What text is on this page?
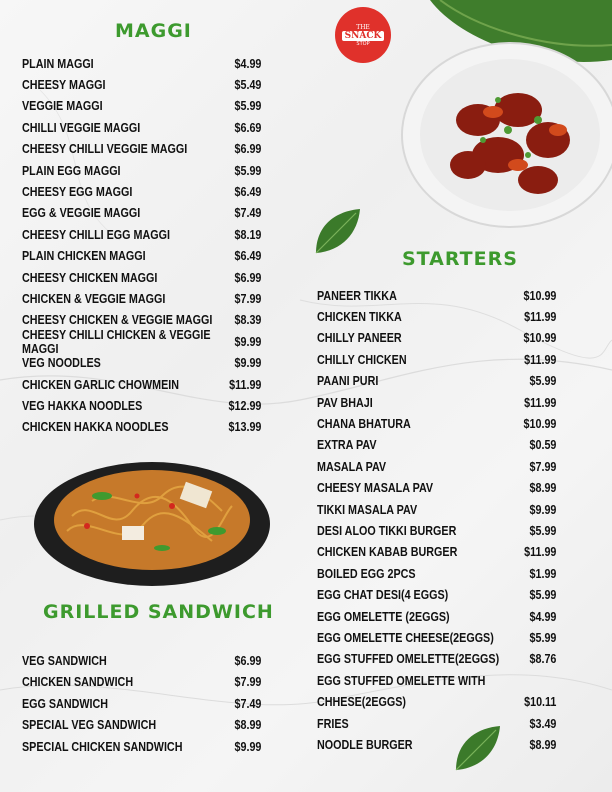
THE
SNACK
STOP
MAGGI
GRILLED SANDWICH
STARTERS
PLAIN MAGGI	$4.99
CHEESY MAGGI	$5.49
VEGGIE MAGGI	$5.99
CHILLI VEGGIE MAGGI	$6.69
CHEESY CHILLI VEGGIE MAGGI	$6.99
PLAIN EGG MAGGI	$5.99
CHEESY EGG MAGGI	$6.49
EGG & VEGGIE MAGGI	$7.49
CHEESY CHILLI EGG MAGGI	$8.19
PLAIN CHICKEN MAGGI	$6.49
CHEESY CHICKEN MAGGI	$6.99
CHICKEN & VEGGIE MAGGI	$7.99
CHEESY CHICKEN & VEGGIE MAGGI $8.39
CHEESY CHILLI CHICKEN & VEGGIE MAGGI
$9.99
VEG NOODLES	$9.99
CHICKEN GARLIC CHOWMEIN	$11.99
VEG HAKKA NOODLES	$12.99
CHICKEN HAKKA NOODLES	$13.99
VEG SANDWICH	$6.99
CHICKEN SANDWICH	$7.99
EGG SANDWICH	$7.49
SPECIAL VEG SANDWICH	$8.99
SPECIAL CHICKEN SANDWICH	$9.99
PANEER TIKKA	$10.99
CHICKEN TIKKA	$11.99
CHILLY PANEER	$10.99
CHILLY CHICKEN	$11.99
PAANI PURI	$5.99
PAV BHAJI	$11.99
CHANA BHATURA	$10.99
EXTRA PAV	$0.59
MASALA PAV	$7.99
CHEESY MASALA PAV	$8.99
TIKKI MASALA PAV	$9.99
DESI ALOO TIKKI BURGER	$5.99
CHICKEN KABAB BURGER	$11.99
BOILED EGG 2PCS	$1.99
EGG CHAT DESI(4 EGGS)	$5.99
EGG OMELETTE (2EGGS)	$4.99
EGG OMELETTE CHEESE(2EGGS)	$5.99
EGG STUFFED OMELETTE(2EGGS) $8.76
EGG STUFFED OMELETTE WITH
CHHESE(2EGGS)	$10.11
FRIES	$3.49
NOODLE BURGER	$8.99
